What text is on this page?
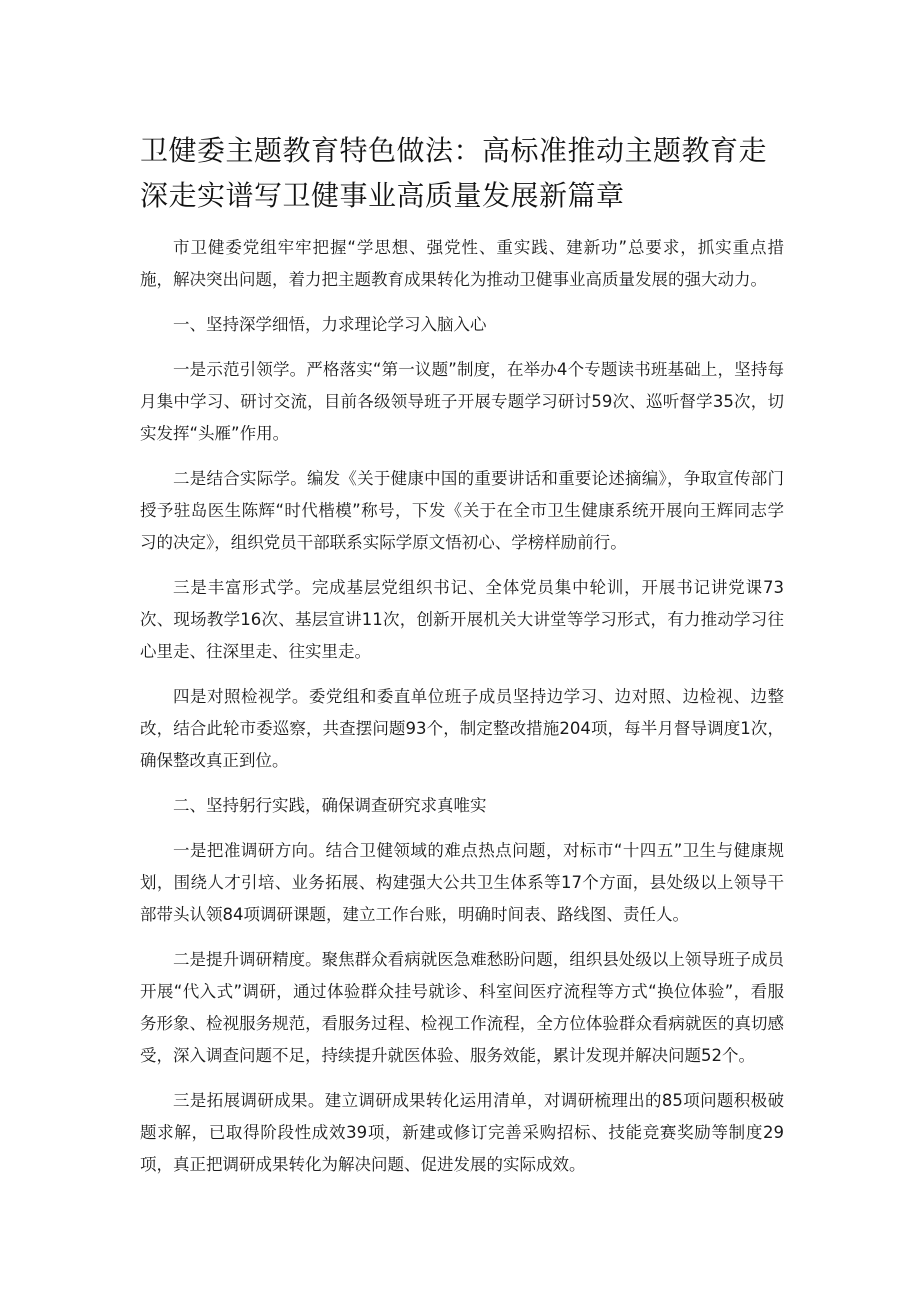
卫健委主题教育特色做法：高标准推动主题教育走深走实谱写卫健事业高质量发展新篇章

市卫健委党组牢牢把握“学思想、强党性、重实践、建新功”总要求，抓实重点措施，解决突出问题，着力把主题教育成果转化为推动卫健事业高质量发展的强大动力。

一、坚持深学细悟，力求理论学习入脑入心

一是示范引领学。严格落实“第一议题”制度，在举办4个专题读书班基础上，坚持每月集中学习、研讨交流，目前各级领导班子开展专题学习研讨59次、巡听督学35次，切实发挥“头雁”作用。

二是结合实际学。编发《关于健康中国的重要讲话和重要论述摘编》，争取宣传部门授予驻岛医生陈辉“时代楷模”称号，下发《关于在全市卫生健康系统开展向王辉同志学习的决定》，组织党员干部联系实际学原文悟初心、学榜样励前行。

三是丰富形式学。完成基层党组织书记、全体党员集中轮训，开展书记讲党课73次、现场教学16次、基层宣讲11次，创新开展机关大讲堂等学习形式，有力推动学习往心里走、往深里走、往实里走。

四是对照检视学。委党组和委直单位班子成员坚持边学习、边对照、边检视、边整改，结合此轮市委巡察，共查摆问题93个，制定整改措施204项，每半月督导调度1次，确保整改真正到位。

二、坚持躬行实践，确保调查研究求真唯实

一是把准调研方向。结合卫健领域的难点热点问题，对标市“十四五”卫生与健康规划，围绕人才引培、业务拓展、构建强大公共卫生体系等17个方面，县处级以上领导干部带头认领84项调研课题，建立工作台账，明确时间表、路线图、责任人。

二是提升调研精度。聚焦群众看病就医急难愁盼问题，组织县处级以上领导班子成员开展“代入式”调研，通过体验群众挂号就诊、科室间医疗流程等方式“换位体验”，看服务形象、检视服务规范，看服务过程、检视工作流程，全方位体验群众看病就医的真切感受，深入调查问题不足，持续提升就医体验、服务效能，累计发现并解决问题52个。

三是拓展调研成果。建立调研成果转化运用清单，对调研梳理出的85项问题积极破题求解，已取得阶段性成效39项，新建或修订完善采购招标、技能竞赛奖励等制度29项，真正把调研成果转化为解决问题、促进发展的实际成效。
